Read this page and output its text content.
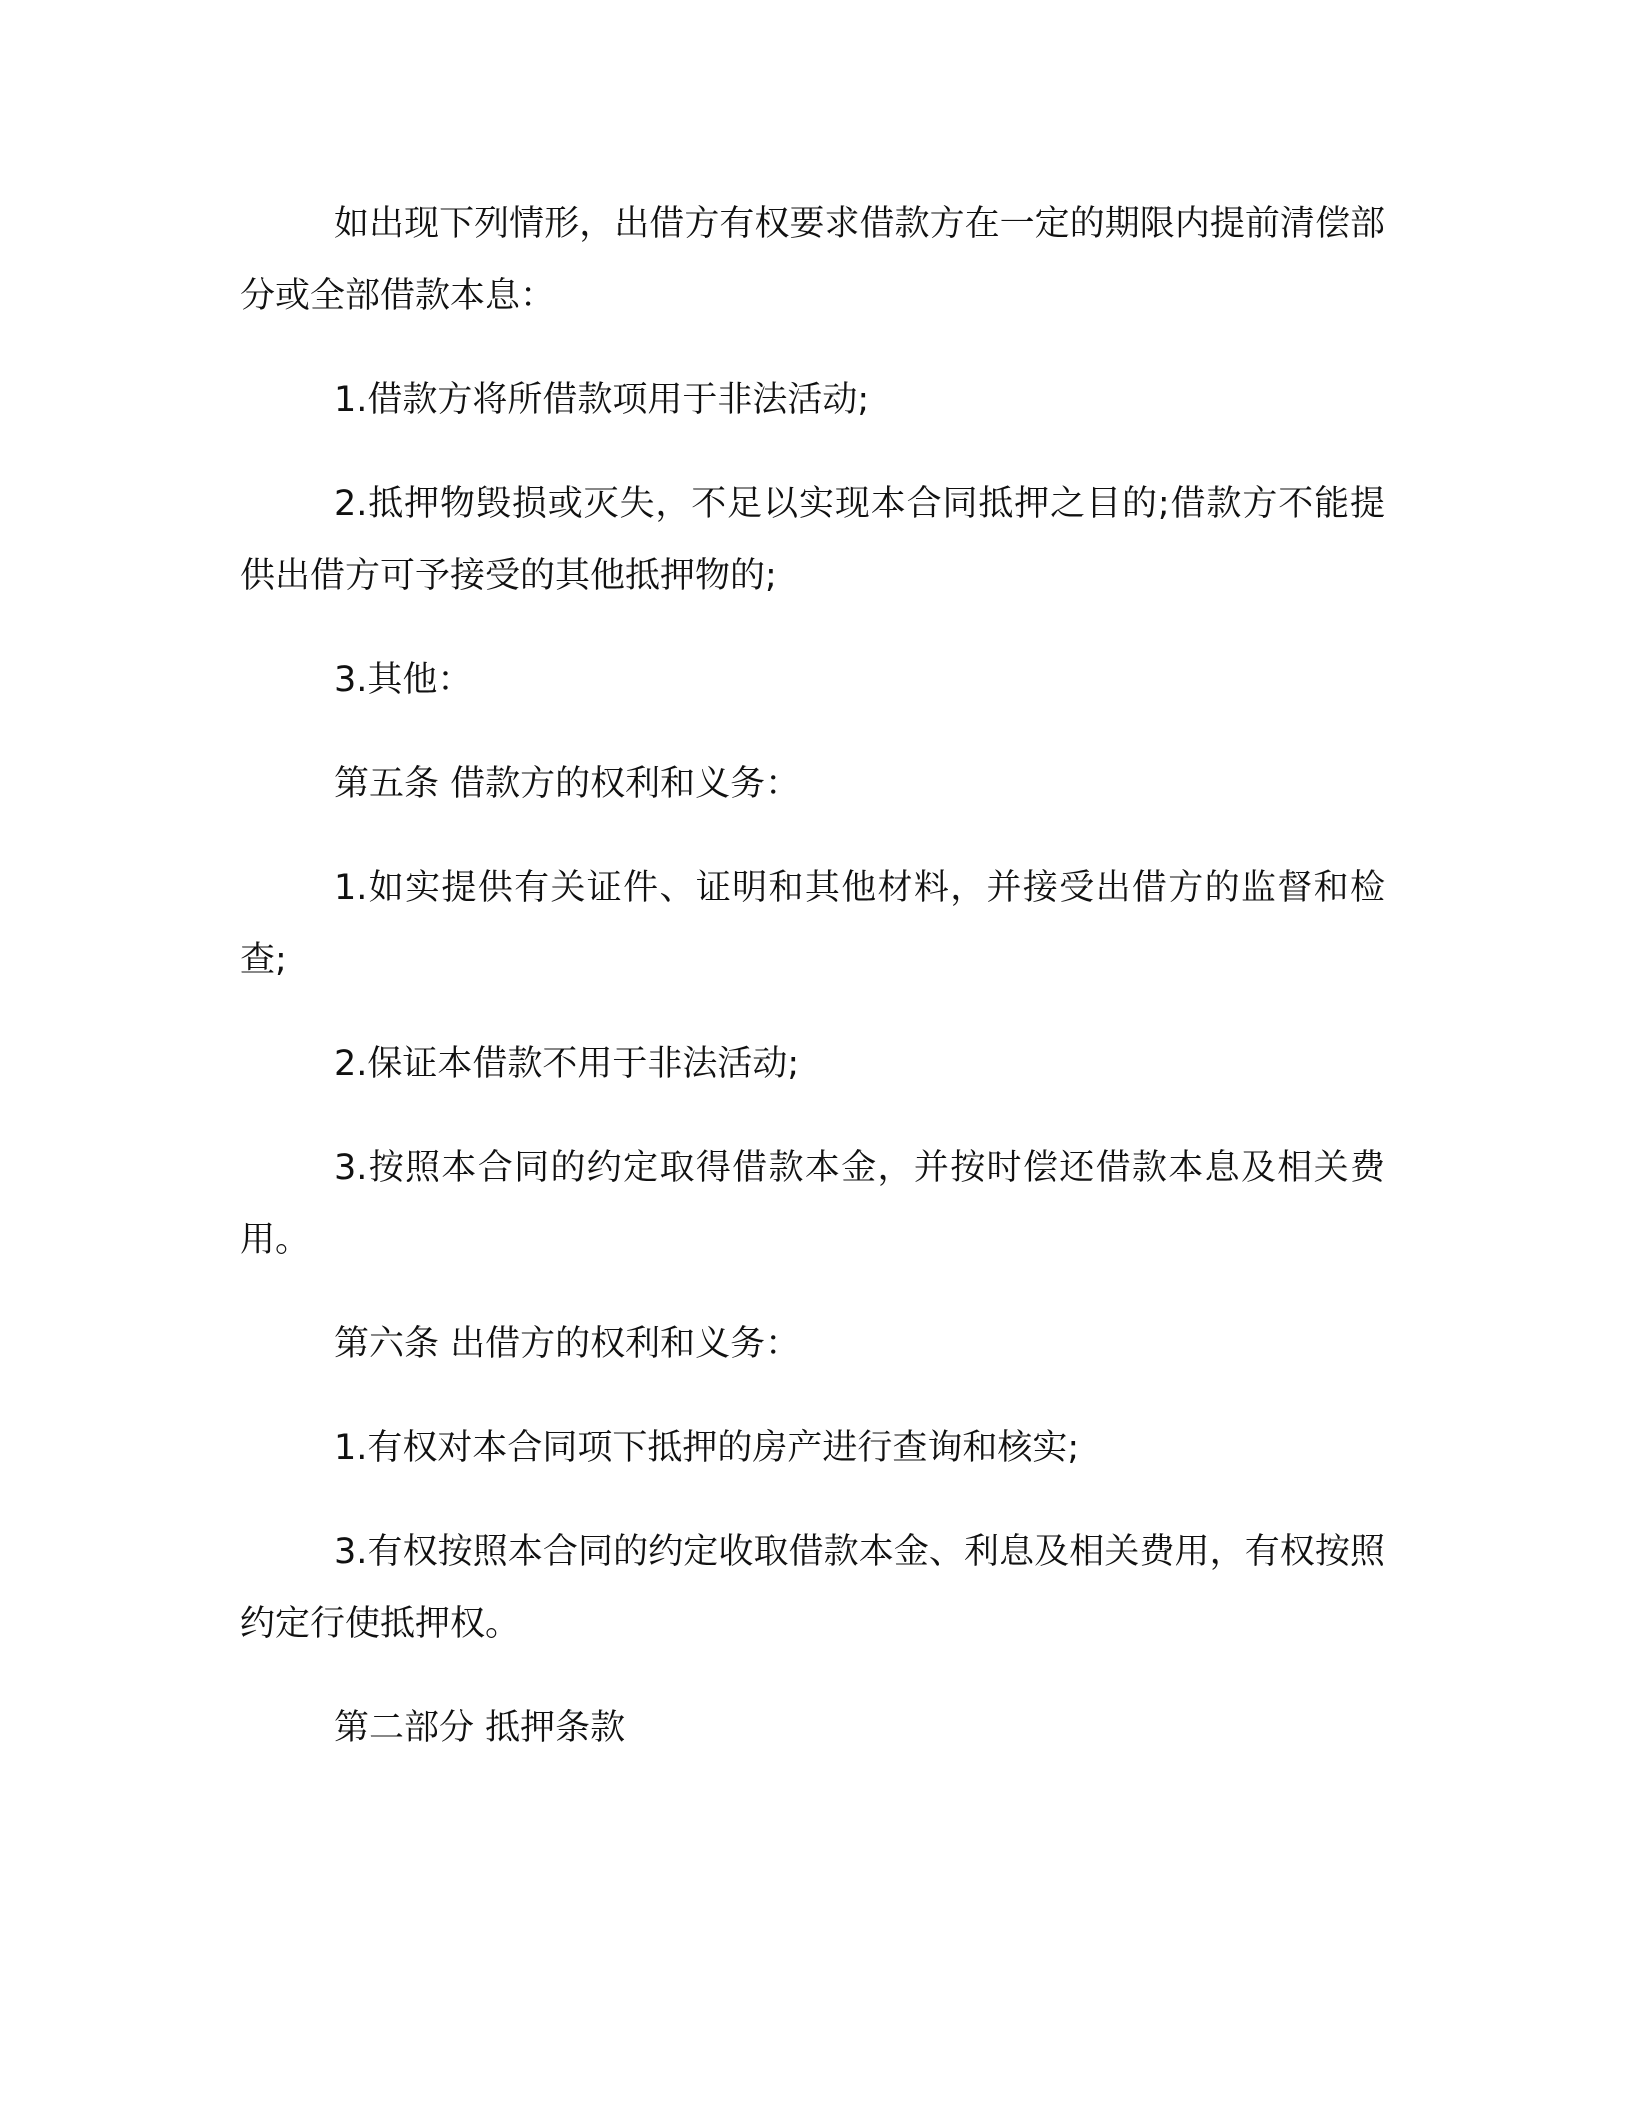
如出现下列情形，出借方有权要求借款方在一定的期限内提前清偿部分或全部借款本息：

1.借款方将所借款项用于非法活动;

2.抵押物毁损或灭失，不足以实现本合同抵押之目的;借款方不能提供出借方可予接受的其他抵押物的;

3.其他：

第五条 借款方的权利和义务：

1.如实提供有关证件、证明和其他材料，并接受出借方的监督和检查;

2.保证本借款不用于非法活动;

3.按照本合同的约定取得借款本金，并按时偿还借款本息及相关费用。

第六条 出借方的权利和义务：

1.有权对本合同项下抵押的房产进行查询和核实;

3.有权按照本合同的约定收取借款本金、利息及相关费用，有权按照约定行使抵押权。

第二部分 抵押条款
